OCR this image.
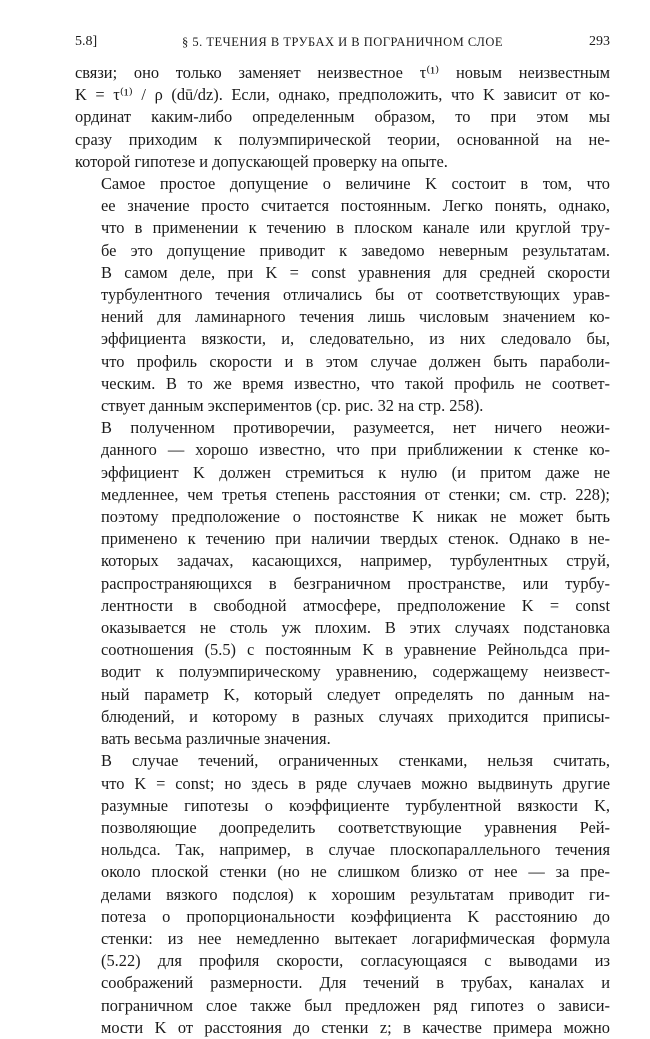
5.8]	§ 5. ТЕЧЕНИЯ В ТРУБАХ И В ПОГРАНИЧНОМ СЛОЕ	293

связи; оно только заменяет неизвестное τ⁽¹⁾ новым неизвестным
K = τ⁽¹⁾ / ρ (dū/dz). Если, однако, предположить, что K зависит от ко-
ординат каким-либо определенным образом, то при этом мы
сразу приходим к полуэмпирической теории, основанной на не-
которой гипотезе и допускающей проверку на опыте.

Самое простое допущение о величине K состоит в том, что
ее значение просто считается постоянным. Легко понять, однако,
что в применении к течению в плоском канале или круглой тру-
бе это допущение приводит к заведомо неверным результатам.
В самом деле, при K = const уравнения для средней скорости
турбулентного течения отличались бы от соответствующих урав-
нений для ламинарного течения лишь числовым значением ко-
эффициента вязкости, и, следовательно, из них следовало бы,
что профиль скорости и в этом случае должен быть параболи-
ческим. В то же время известно, что такой профиль не соответ-
ствует данным экспериментов (ср. рис. 32 на стр. 258).

В полученном противоречии, разумеется, нет ничего неожи-
данного — хорошо известно, что при приближении к стенке ко-
эффициент K должен стремиться к нулю (и притом даже не
медленнее, чем третья степень расстояния от стенки; см. стр. 228);
поэтому предположение о постоянстве K никак не может быть
применено к течению при наличии твердых стенок. Однако в не-
которых задачах, касающихся, например, турбулентных струй,
распространяющихся в безграничном пространстве, или турбу-
лентности в свободной атмосфере, предположение K = const
оказывается не столь уж плохим. В этих случаях подстановка
соотношения (5.5) с постоянным K в уравнение Рейнольдса при-
водит к полуэмпирическому уравнению, содержащему неизвест-
ный параметр K, который следует определять по данным на-
блюдений, и которому в разных случаях приходится приписы-
вать весьма различные значения.

В случае течений, ограниченных стенками, нельзя считать,
что K = const; но здесь в ряде случаев можно выдвинуть другие
разумные гипотезы о коэффициенте турбулентной вязкости K,
позволяющие доопределить соответствующие уравнения Рей-
нольдса. Так, например, в случае плоскопараллельного течения
около плоской стенки (но не слишком близко от нее — за пре-
делами вязкого подслоя) к хорошим результатам приводит ги-
потеза о пропорциональности коэффициента K расстоянию до
стенки: из нее немедленно вытекает логарифмическая формула
(5.22) для профиля скорости, согласующаяся с выводами из
соображений размерности. Для течений в трубах, каналах и
пограничном слое также был предложен ряд гипотез о зависи-
мости K от расстояния до стенки z; в качестве примера можно
